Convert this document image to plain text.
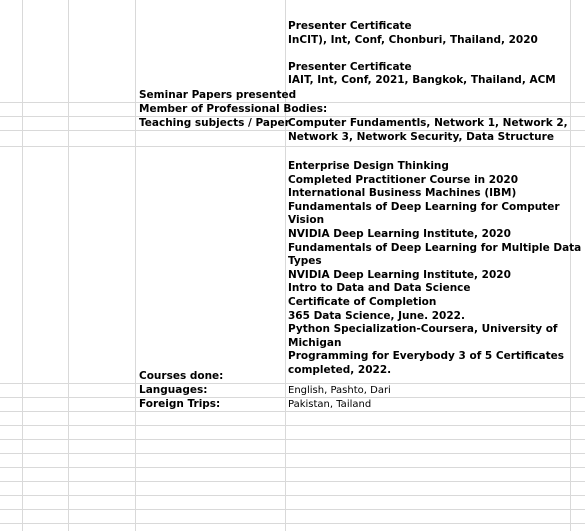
Presenter Certificate
InCIT), Int, Conf, Chonburi, Thailand, 2020
Presenter Certificate
IAIT, Int, Conf, 2021, Bangkok, Thailand, ACM
Seminar Papers presented
Member of Professional Bodies:
Teaching subjects / Paper
Computer Fundamentls, Network 1, Network 2,
Network 3, Network Security, Data Structure
Enterprise Design Thinking
Completed Practitioner Course in 2020
International Business Machines (IBM)
Fundamentals of Deep Learning for Computer
Vision
NVIDIA Deep Learning Institute, 2020
Fundamentals of Deep Learning for Multiple Data
Types
NVIDIA Deep Learning Institute, 2020
Intro to Data and Data Science
Certificate of Completion
365 Data Science, June. 2022.
Python Specialization-Coursera, University of
Michigan
Programming for Everybody 3 of 5 Certificates
completed, 2022.
Courses done:
Languages:	English, Pashto, Dari
Foreign Trips:	Pakistan, Tailand
